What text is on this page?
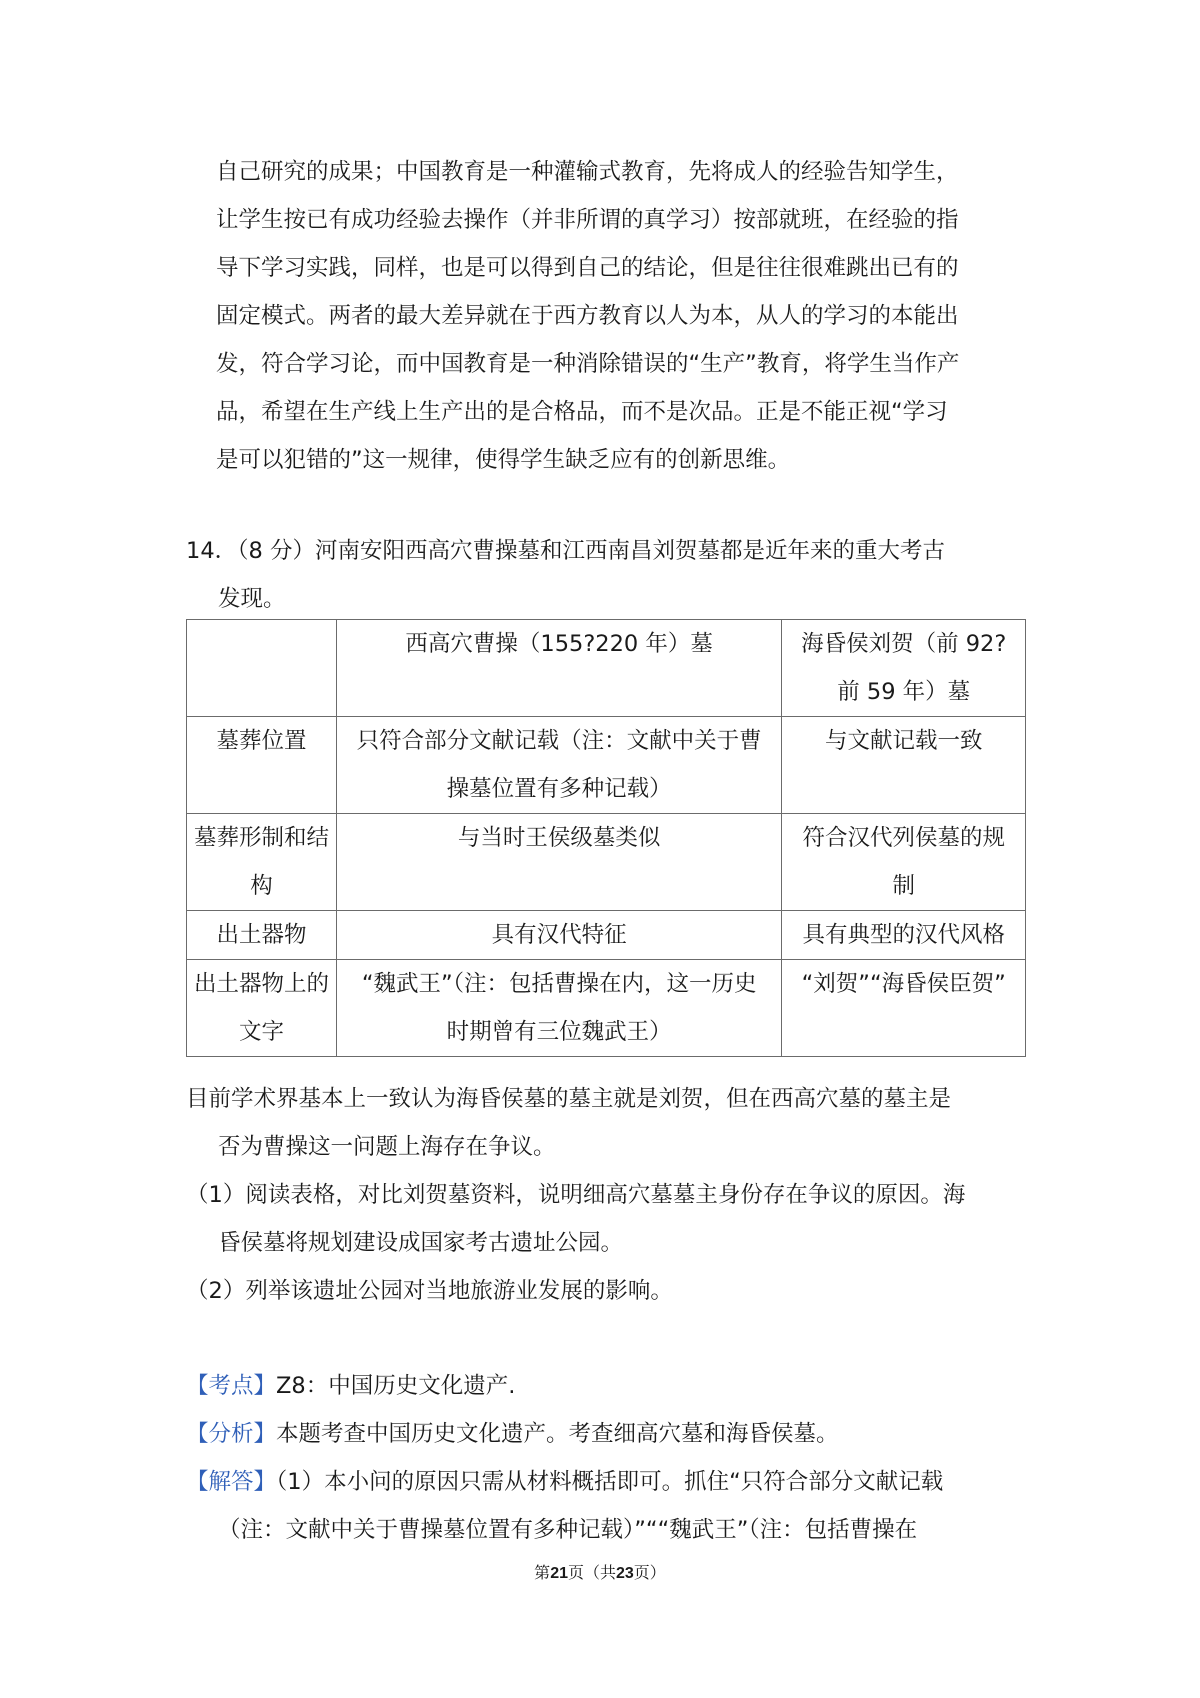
自己研究的成果；中国教育是一种灌输式教育，先将成人的经验告知学生，
让学生按已有成功经验去操作（并非所谓的真学习）按部就班，在经验的指
导下学习实践，同样，也是可以得到自己的结论，但是往往很难跳出已有的
固定模式。两者的最大差异就在于西方教育以人为本，从人的学习的本能出
发，符合学习论，而中国教育是一种消除错误的“生产”教育，将学生当作产
品，希望在生产线上生产出的是合格品，而不是次品。正是不能正视“学习
是可以犯错的”这一规律，使得学生缺乏应有的创新思维。

14．（8 分）河南安阳西高穴曹操墓和江西南昌刘贺墓都是近年来的重大考古
发现。

	西高穴曹操（155?220 年）墓	海昏侯刘贺（前 92?
前 59 年）墓

墓葬位置	只符合部分文献记载（注：文献中关于曹
操墓位置有多种记载）	与文献记载一致

墓葬形制和结
构	与当时王侯级墓类似	符合汉代列侯墓的规
制

出土器物	具有汉代特征	具有典型的汉代风格

出土器物上的
文字	“魏武王”（注：包括曹操在内，这一历史
时期曾有三位魏武王）	“刘贺”“海昏侯臣贺”

目前学术界基本上一致认为海昏侯墓的墓主就是刘贺，但在西高穴墓的墓主是
否为曹操这一问题上海存在争议。

（1）阅读表格，对比刘贺墓资料，说明细高穴墓墓主身份存在争议的原因。海
昏侯墓将规划建设成国家考古遗址公园。

（2）列举该遗址公园对当地旅游业发展的影响。

【考点】Z8：中国历史文化遗产.

【分析】本题考查中国历史文化遗产。考查细高穴墓和海昏侯墓。

【解答】（1）本小问的原因只需从材料概括即可。抓住“只符合部分文献记载
（注：文献中关于曹操墓位置有多种记载）”““魏武王”（注：包括曹操在

第21页（共23页）
